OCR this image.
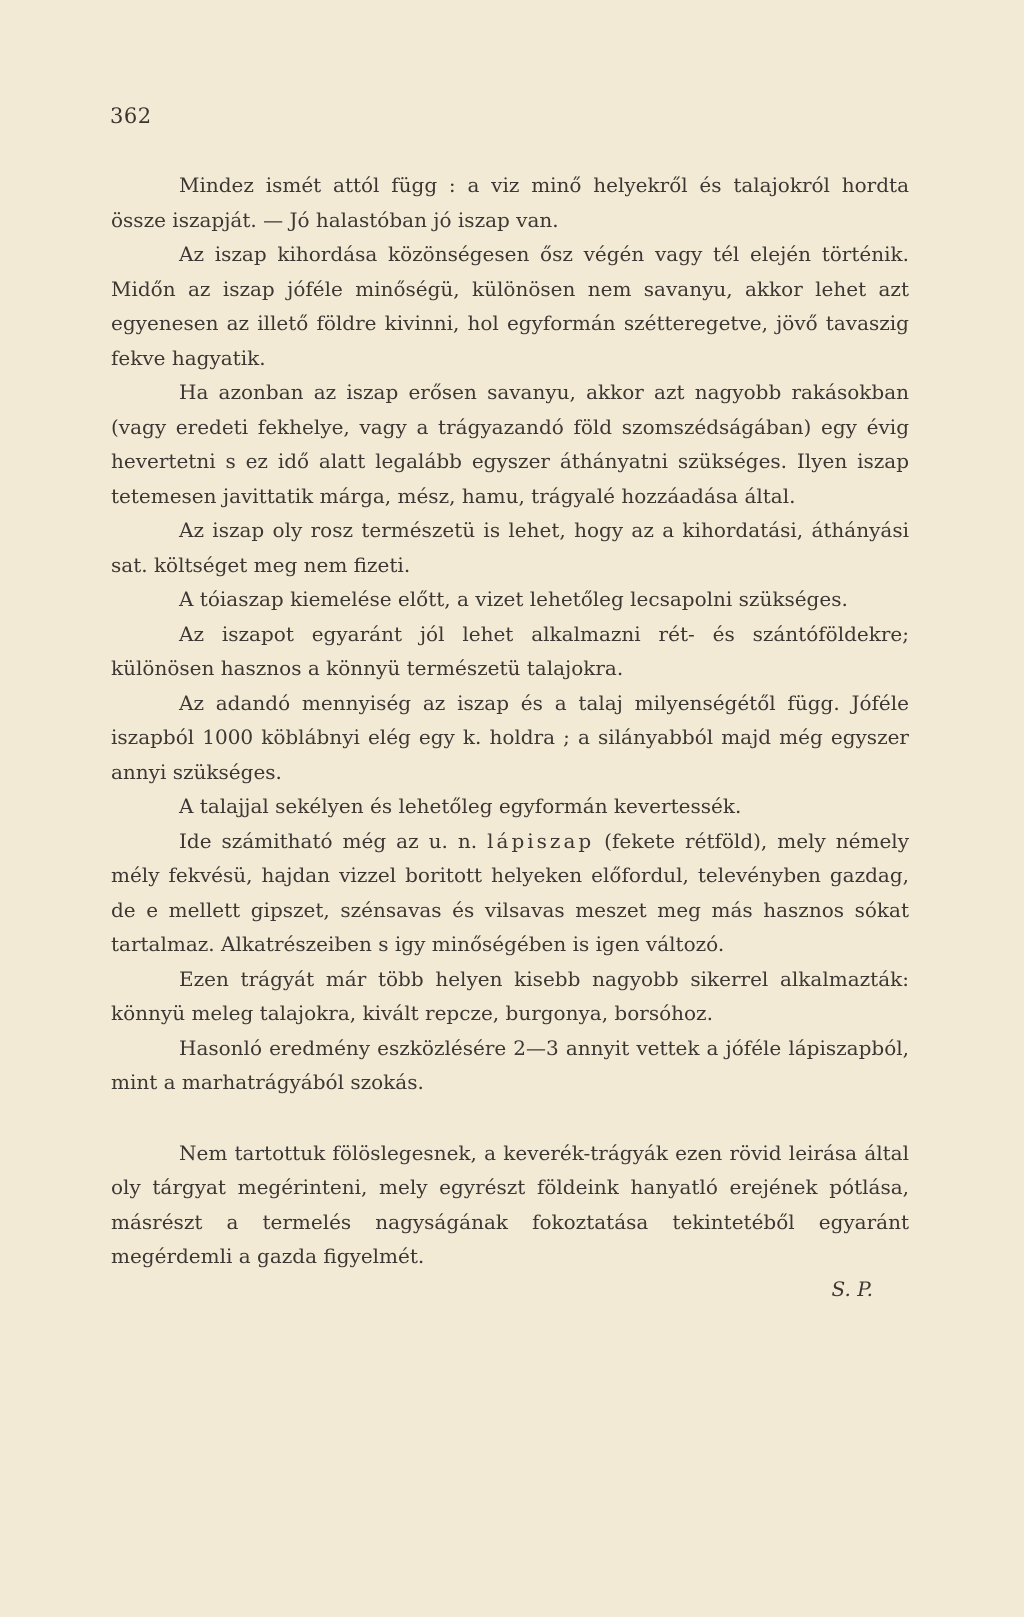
362

Mindez ismét attól függ : a viz minő helyekről és talajokról hordta össze iszapját. — Jó halastóban jó iszap van.

Az iszap kihordása közönségesen ősz végén vagy tél elején történik. Midőn az iszap jóféle minőségü, különösen nem savanyu, akkor lehet azt egyenesen az illető földre kivinni, hol egyformán szétteregetve, jövő tavaszig fekve hagyatik.

Ha azonban az iszap erősen savanyu, akkor azt nagyobb rakásokban (vagy eredeti fekhelye, vagy a trágyazandó föld szomszédságában) egy évig hevertetni s ez idő alatt legalább egyszer áthányatni szükséges. Ilyen iszap tetemesen javittatik márga, mész, hamu, trágyalé hozzáadása által.

Az iszap oly rosz természetü is lehet, hogy az a kihordatási, áthányási sat. költséget meg nem fizeti.

A tóiaszap kiemelése előtt, a vizet lehetőleg lecsapolni szükséges.

Az iszapot egyaránt jól lehet alkalmazni rét- és szántóföldekre; különösen hasznos a könnyü természetü talajokra.

Az adandó mennyiség az iszap és a talaj milyenségétől függ. Jóféle iszapból 1000 köblábnyi elég egy k. holdra ; a silányabból majd még egyszer annyi szükséges.

A talajjal sekélyen és lehetőleg egyformán kevertessék.

Ide számitható még az u. n. lápiszap (fekete rétföld), mely némely mély fekvésü, hajdan vizzel boritott helyeken előfordul, televényben gazdag, de e mellett gipszet, szénsavas és vilsavas meszet meg más hasznos sókat tartalmaz. Alkatrészeiben s igy minőségében is igen változó.

Ezen trágyát már több helyen kisebb nagyobb sikerrel alkalmazták: könnyü meleg talajokra, kivált repcze, burgonya, borsóhoz.

Hasonló eredmény eszközlésére 2—3 annyit vettek a jóféle lápiszapból, mint a marhatrágyából szokás.

Nem tartottuk fölöslegesnek, a keverék-trágyák ezen rövid leirása által oly tárgyat megérinteni, mely egyrészt földeink hanyatló erejének pótlása, másrészt a termelés nagyságának fokoztatása tekintetéből egyaránt megérdemli a gazda figyelmét.

S. P.
